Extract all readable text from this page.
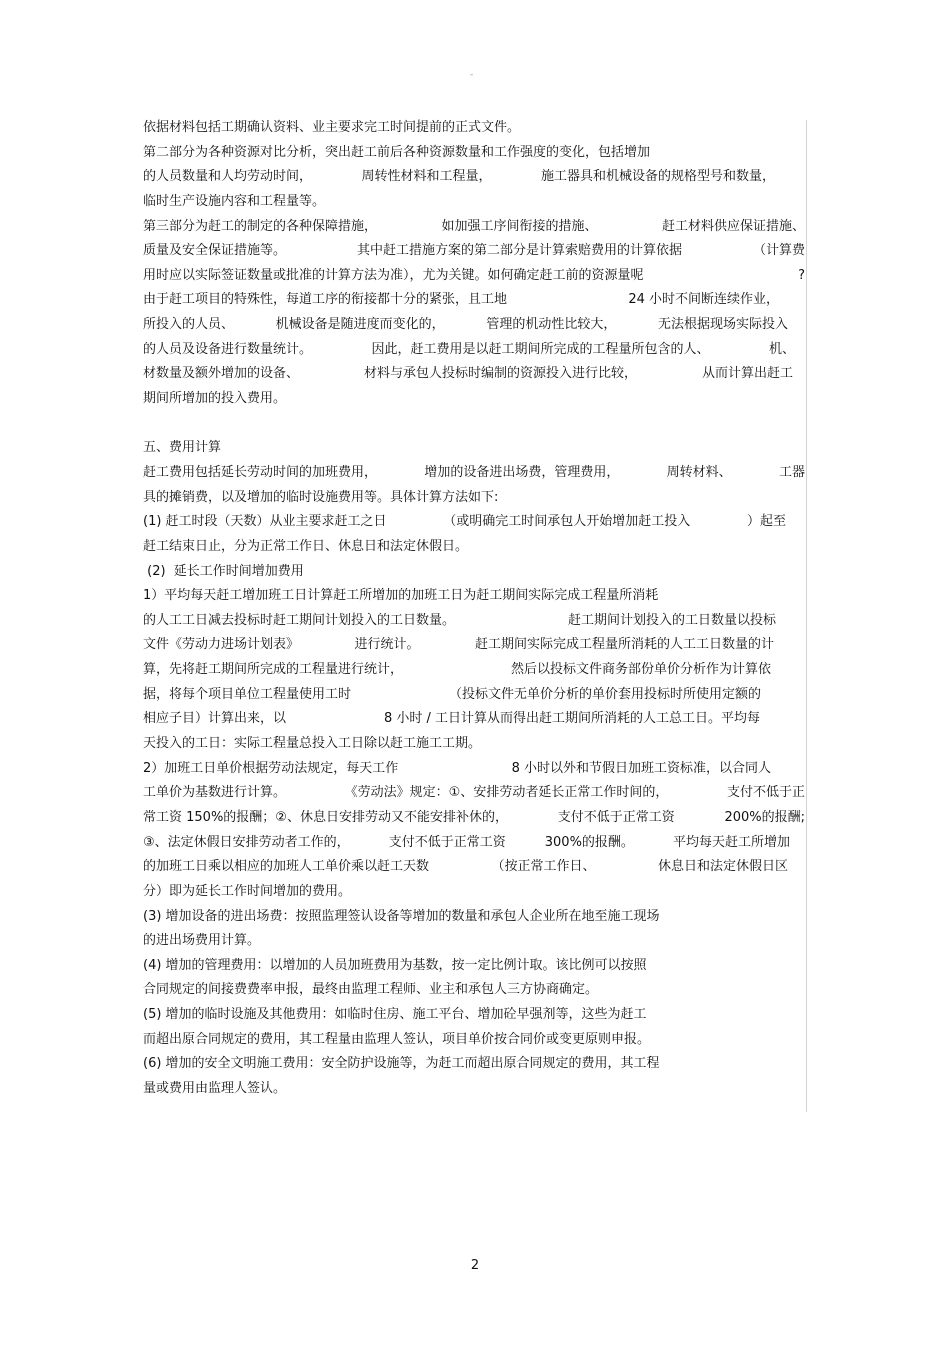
-
依据材料包括工期确认资料、业主要求完工时间提前的正式文件。
第二部分为各种资源对比分析，突出赶工前后各种资源数量和工作强度的变化，包括增加
的人员数量和人均劳动时间，	周转性材料和工程量，	施工器具和机械设备的规格型号和数量，
临时生产设施内容和工程量等。
第三部分为赶工的制定的各种保障措施，	如加强工序间衔接的措施、	赶工材料供应保证措施、
质量及安全保证措施等。	其中赶工措施方案的第二部分是计算索赔费用的计算依据	（计算费
用时应以实际签证数量或批准的计算方法为准），尤为关键。如何确定赶工前的资源量呢	?
由于赶工项目的特殊性，每道工序的衔接都十分的紧张，且工地	24 小时不间断连续作业，
所投入的人员、	机械设备是随进度而变化的，	管理的机动性比较大，	无法根据现场实际投入
的人员及设备进行数量统计。	因此，赶工费用是以赶工期间所完成的工程量所包含的人、	机、
材数量及额外增加的设备、	材料与承包人投标时编制的资源投入进行比较，	从而计算出赶工
期间所增加的投入费用。
五、费用计算
赶工费用包括延长劳动时间的加班费用，	增加的设备进出场费，管理费用，	周转材料、	工器
具的摊销费，以及增加的临时设施费用等。具体计算方法如下:
(1) 赶工时段（天数）从业主要求赶工之日	（或明确完工时间承包人开始增加赶工投入	）起至
赶工结束日止，分为正常工作日、休息日和法定休假日。
(2)  延长工作时间增加费用
1）平均每天赶工增加班工日计算赶工所增加的加班工日为赶工期间实际完成工程量所消耗
的人工工日减去投标时赶工期间计划投入的工日数量。	赶工期间计划投入的工日数量以投标
文件《劳动力进场计划表》	进行统计。	赶工期间实际完成工程量所消耗的人工工日数量的计
算，先将赶工期间所完成的工程量进行统计，	然后以投标文件商务部份单价分析作为计算依
据，将每个项目单位工程量使用工时	（投标文件无单价分析的单价套用投标时所使用定额的
相应子目）计算出来，以	8 小时 / 工日计算从而得出赶工期间所消耗的人工总工日。平均每
天投入的工日：实际工程量总投入工日除以赶工施工工期。
2）加班工日单价根据劳动法规定，每天工作	8 小时以外和节假日加班工资标准，以合同人
工单价为基数进行计算。	《劳动法》规定：①、安排劳动者延长正常工作时间的，	支付不低于正
常工资 150%的报酬；②、休息日安排劳动又不能安排补休的，	支付不低于正常工资	200%的报酬;
③、法定休假日安排劳动者工作的，	支付不低于正常工资	300%的报酬。	平均每天赶工所增加
的加班工日乘以相应的加班人工单价乘以赶工天数	（按正常工作日、	休息日和法定休假日区
分）即为延长工作时间增加的费用。
(3) 增加设备的进出场费：按照监理签认设备等增加的数量和承包人企业所在地至施工现场
的进出场费用计算。
(4) 增加的管理费用：以增加的人员加班费用为基数，按一定比例计取。该比例可以按照
合同规定的间接费费率申报，最终由监理工程师、业主和承包人三方协商确定。
(5) 增加的临时设施及其他费用：如临时住房、施工平台、增加砼早强剂等，这些为赶工
而超出原合同规定的费用，其工程量由监理人签认，项目单价按合同价或变更原则申报。
(6) 增加的安全文明施工费用：安全防护设施等，为赶工而超出原合同规定的费用，其工程
量或费用由监理人签认。
2
